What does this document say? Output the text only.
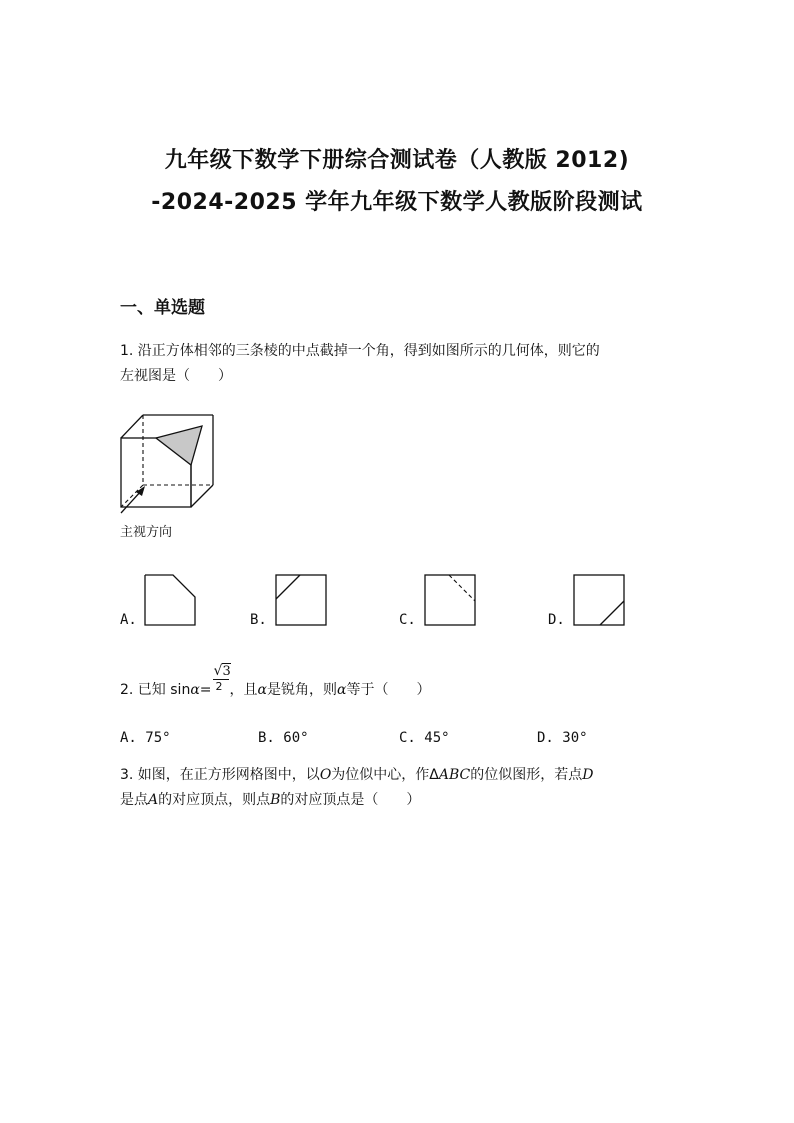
九年级下数学下册综合测试卷（人教版 2012)
-2024-2025 学年九年级下数学人教版阶段测试
一、单选题
1. 沿正方体相邻的三条棱的中点截掉一个角，得到如图所示的几何体，则它的
左视图是（　　）
主视方向
A.	B.	C.	D.
2. 已知 sinα=
√3
2 ，且α是锐角，则α等于（　　）
A. 75°	B. 60°	C. 45°	D. 30°
3. 如图，在正方形网格图中，以O为位似中心，作ΔABC的位似图形，若点D
是点A的对应顶点，则点B的对应顶点是（　　）
